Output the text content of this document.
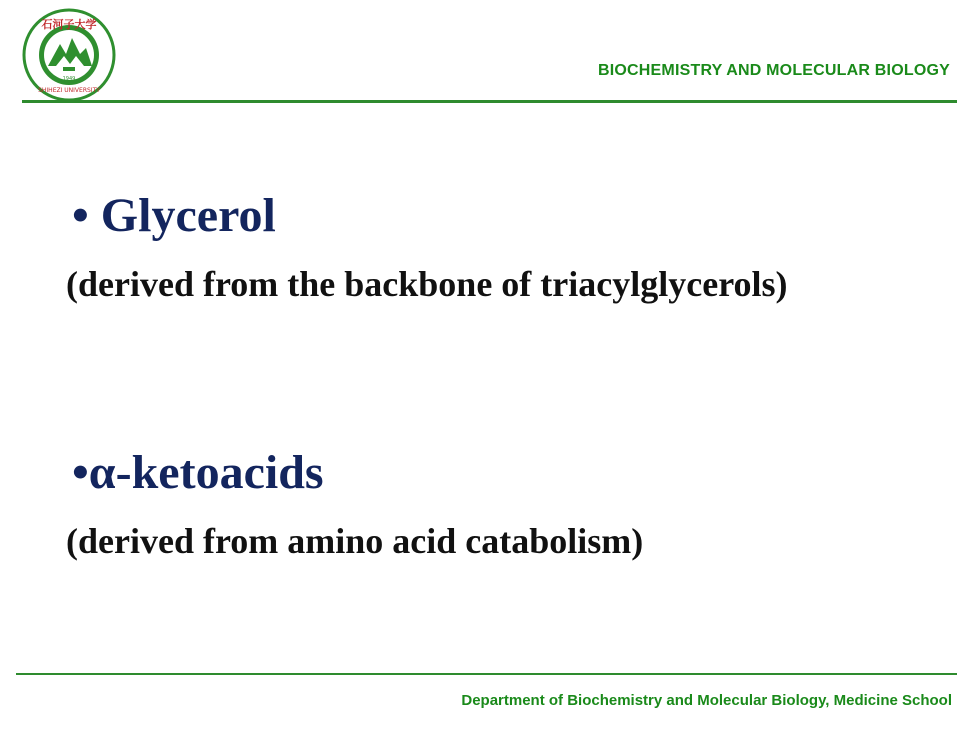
石河子大学
SHIHEZI UNIVERSITY
1949	BIOCHEMISTRY AND MOLECULAR BIOLOGY
• Glycerol
(derived from the backbone of triacylglycerols)
•α-ketoacids
(derived from amino acid catabolism)
Department of Biochemistry and Molecular Biology, Medicine School
